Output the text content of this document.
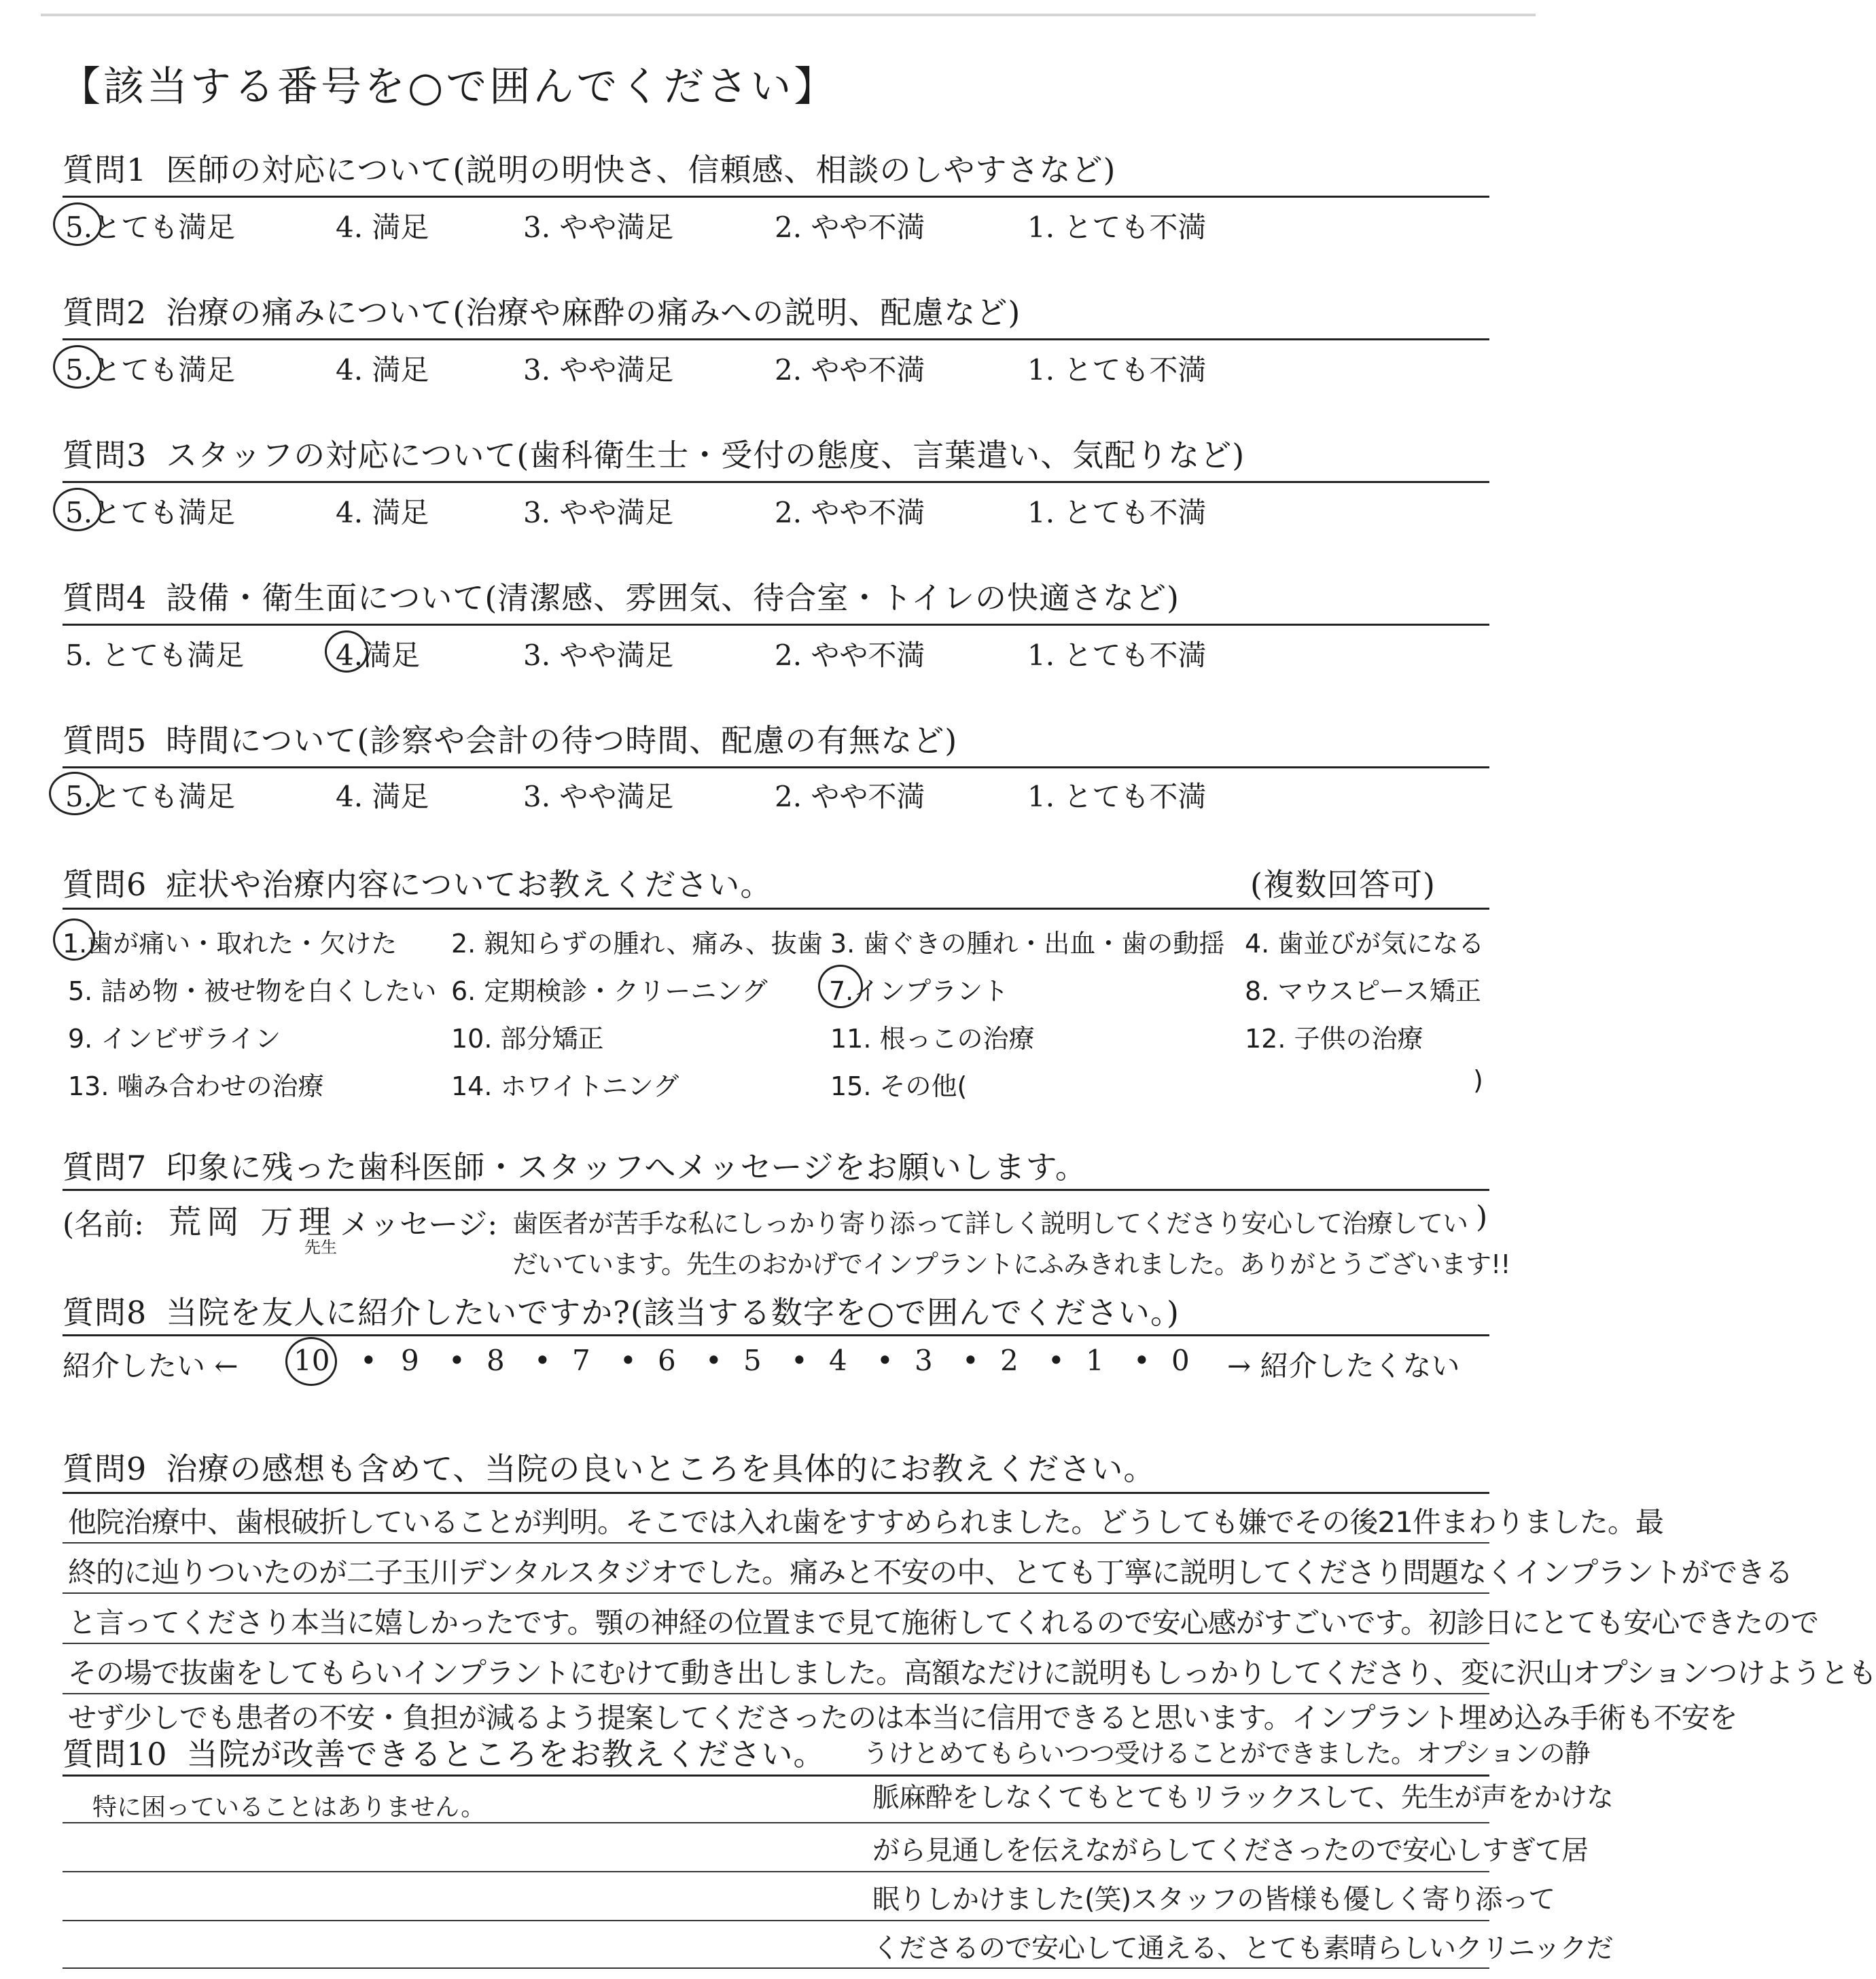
【該当する番号を○で囲んでください】
質問1 医師の対応について(説明の明快さ、信頼感、相談のしやすさなど)
5.とても満足	4. 満足	3. やや満足	2. やや不満	1. とても不満
質問2 治療の痛みについて(治療や麻酔の痛みへの説明、配慮など)
5.とても満足	4. 満足	3. やや満足	2. やや不満	1. とても不満
質問3 スタッフの対応について(歯科衛生士・受付の態度、言葉遣い、気配りなど)
5.とても満足	4. 満足	3. やや満足	2. やや不満	1. とても不満
質問4 設備・衛生面について(清潔感、雰囲気、待合室・トイレの快適さなど)
5. とても満足	4.満足	3. やや満足	2. やや不満	1. とても不満
質問5 時間について(診察や会計の待つ時間、配慮の有無など)
5.とても満足	4. 満足	3. やや満足	2. やや不満	1. とても不満
質問6 症状や治療内容についてお教えください。	(複数回答可)
1.歯が痛い・取れた・欠けた 2. 親知らずの腫れ、痛み、抜歯 3. 歯ぐきの腫れ・出血・歯の動揺 4. 歯並びが気になる
5. 詰め物・被せ物を白くしたい 6. 定期検診・クリーニング 7.インプラント	8. マウスピース矯正
9. インビザライン	10. 部分矯正	11. 根っこの治療	12. 子供の治療
13. 噛み合わせの治療	14. ホワイトニング	15. その他(	)
質問7 印象に残った歯科医師・スタッフへメッセージをお願いします。
(名前: 荒岡 万理
先生
メッセージ: 歯医者が苦手な私にしっかり寄り添って詳しく説明してくださり安心して治療してい )
だいています。先生のおかげでインプラントにふみきれました。ありがとうございます!!
質問8 当院を友人に紹介したいですか?(該当する数字を○で囲んでください。)
紹介したい ← 10 • 9 • 8 • 7 • 6 • 5 • 4 • 3 • 2 • 1 • 0 → 紹介したくない
質問9 治療の感想も含めて、当院の良いところを具体的にお教えください。
他院治療中、歯根破折していることが判明。そこでは入れ歯をすすめられました。どうしても嫌でその後21件まわりました。最
終的に辿りついたのが二子玉川デンタルスタジオでした。痛みと不安の中、とても丁寧に説明してくださり問題なくインプラントができる
と言ってくださり本当に嬉しかったです。顎の神経の位置まで見て施術してくれるので安心感がすごいです。初診日にとても安心できたので
その場で抜歯をしてもらいインプラントにむけて動き出しました。高額なだけに説明もしっかりしてくださり、変に沢山オプションつけようとも
せず少しでも患者の不安・負担が減るよう提案してくださったのは本当に信用できると思います。インプラント埋め込み手術も不安を
質問10 当院が改善できるところをお教えください。 うけとめてもらいつつ受けることができました。オプションの静
特に困っていることはありません。	脈麻酔をしなくてもとてもリラックスして、先生が声をかけな
がら見通しを伝えながらしてくださったので安心しすぎて居
眠りしかけました(笑)スタッフの皆様も優しく寄り添って
くださるので安心して通える、とても素晴らしいクリニックだ
